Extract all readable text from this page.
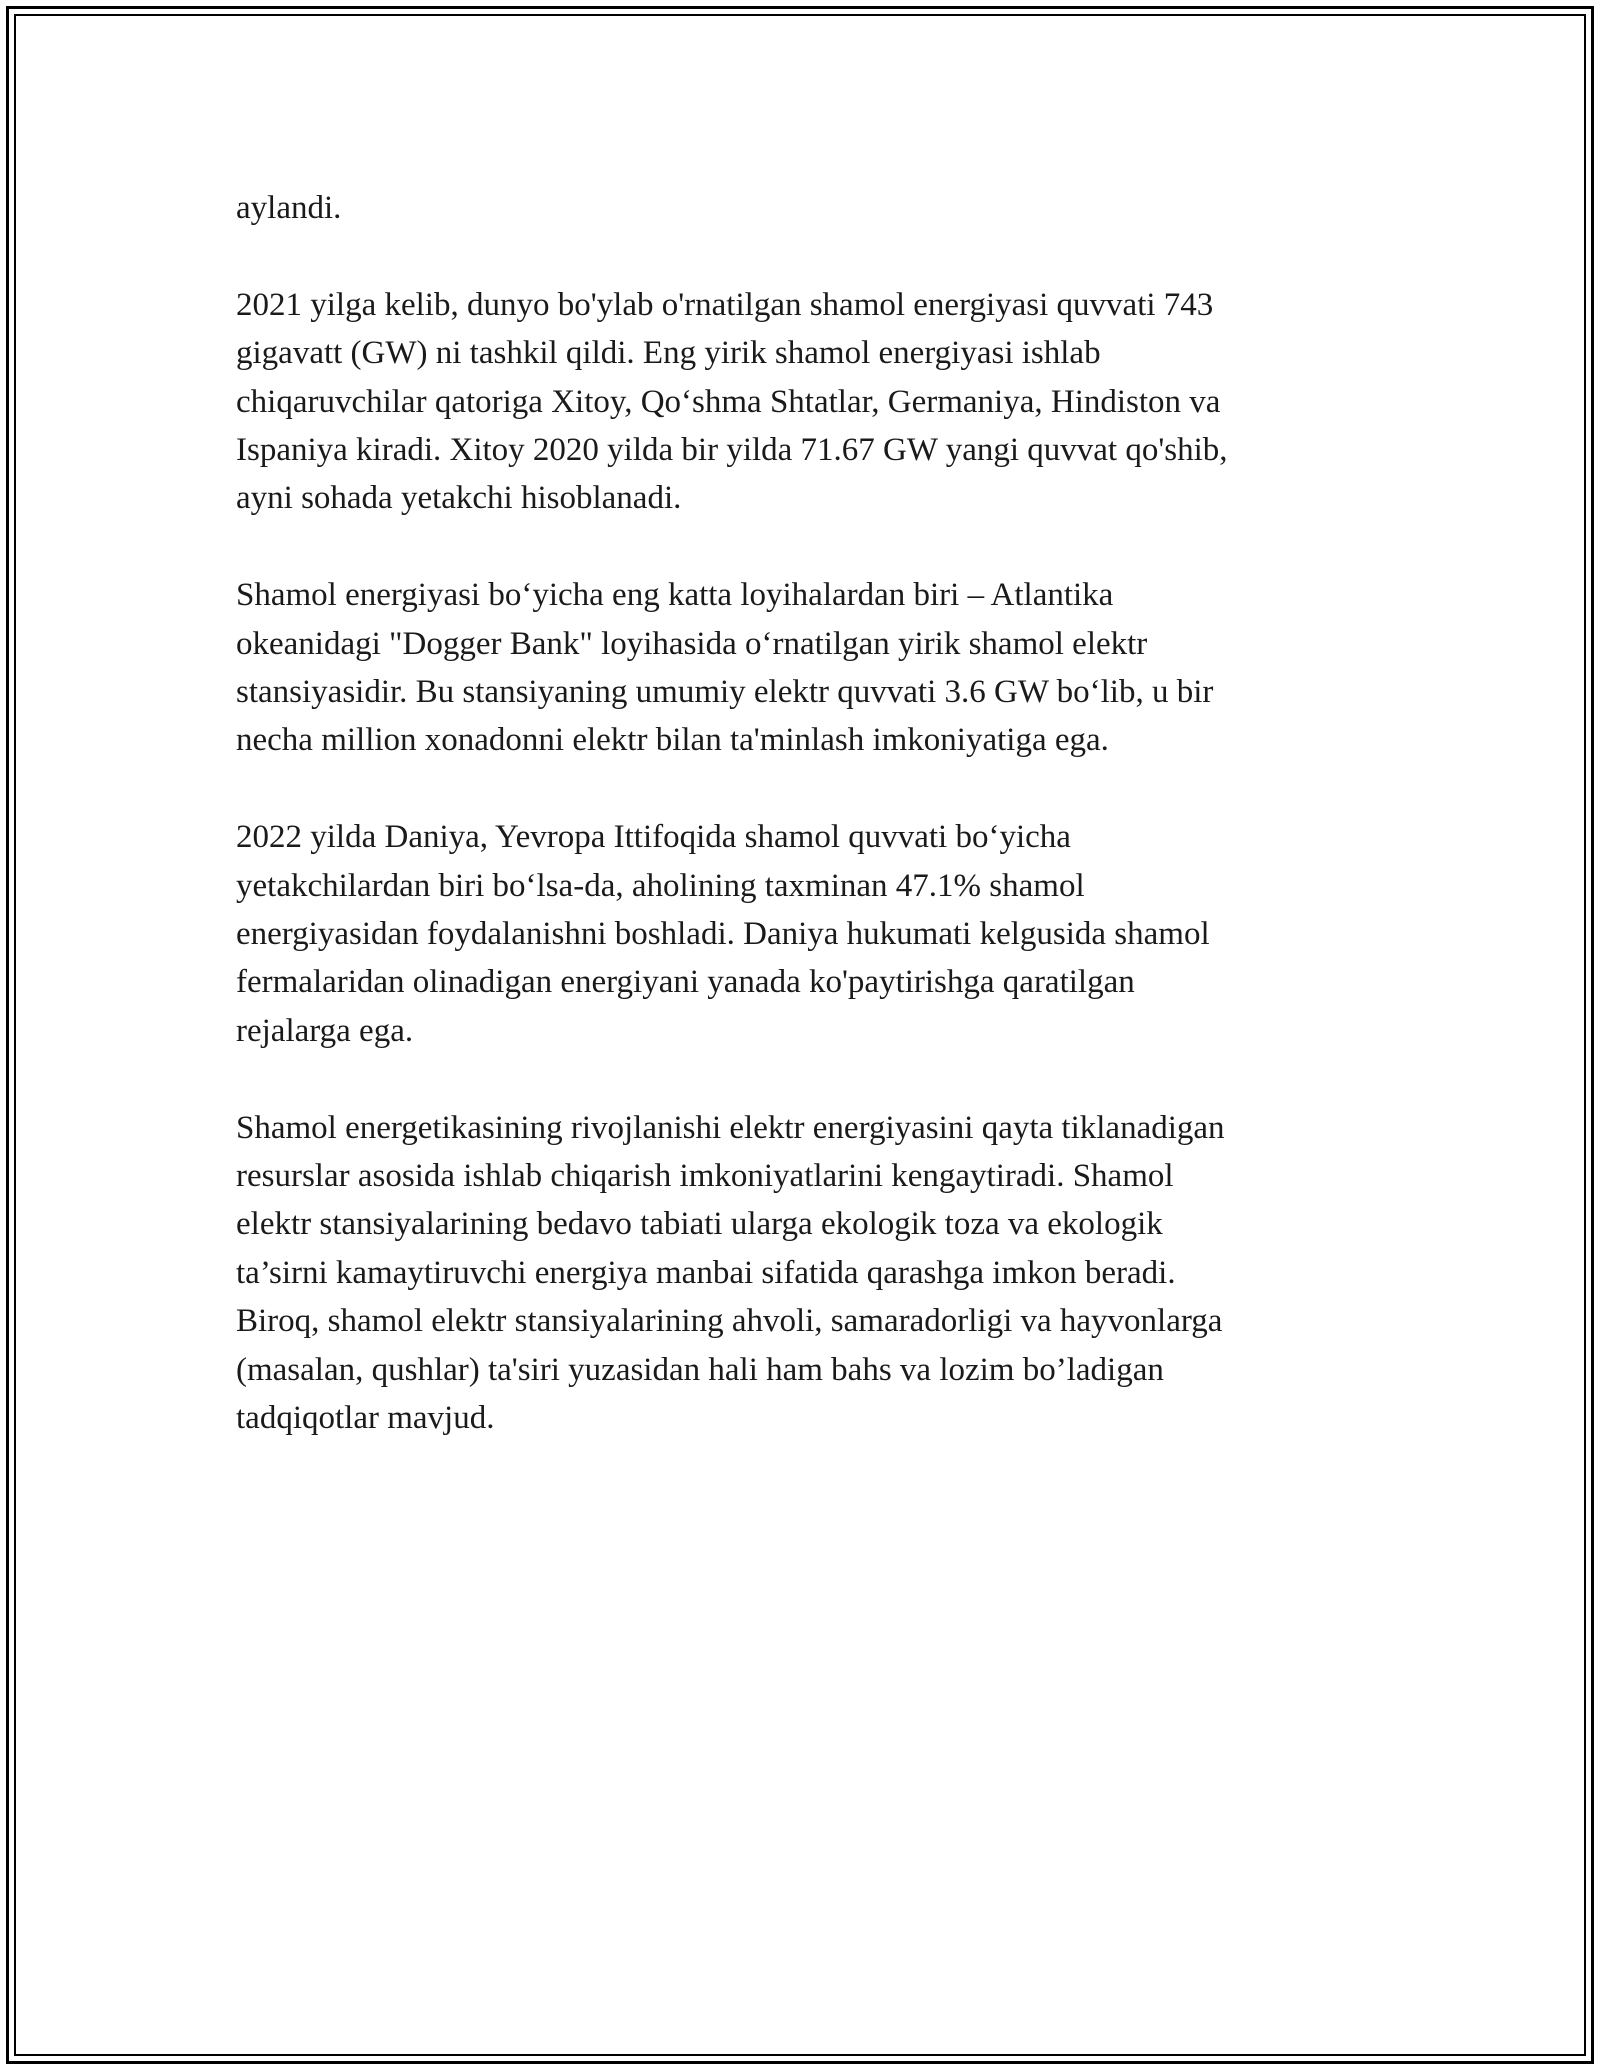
aylandi.

2021 yilga kelib, dunyo bo'ylab o'rnatilgan shamol energiyasi quvvati 743
gigavatt (GW) ni tashkil qildi. Eng yirik shamol energiyasi ishlab
chiqaruvchilar qatoriga Xitoy, Qoʻshma Shtatlar, Germaniya, Hindiston va
Ispaniya kiradi. Xitoy 2020 yilda bir yilda 71.67 GW yangi quvvat qo'shib,
ayni sohada yetakchi hisoblanadi.

Shamol energiyasi boʻyicha eng katta loyihalardan biri – Atlantika
okeanidagi "Dogger Bank" loyihasida oʻrnatilgan yirik shamol elektr
stansiyasidir. Bu stansiyaning umumiy elektr quvvati 3.6 GW boʻlib, u bir
necha million xonadonni elektr bilan ta'minlash imkoniyatiga ega.

2022 yilda Daniya, Yevropa Ittifoqida shamol quvvati boʻyicha
yetakchilardan biri boʻlsa-da, aholining taxminan 47.1% shamol
energiyasidan foydalanishni boshladi. Daniya hukumati kelgusida shamol
fermalaridan olinadigan energiyani yanada ko'paytirishga qaratilgan
rejalarga ega.

Shamol energetikasining rivojlanishi elektr energiyasini qayta tiklanadigan
resurslar asosida ishlab chiqarish imkoniyatlarini kengaytiradi. Shamol
elektr stansiyalarining bedavo tabiati ularga ekologik toza va ekologik
ta’sirni kamaytiruvchi energiya manbai sifatida qarashga imkon beradi.
Biroq, shamol elektr stansiyalarining ahvoli, samaradorligi va hayvonlarga
(masalan, qushlar) ta'siri yuzasidan hali ham bahs va lozim bo’ladigan
tadqiqotlar mavjud.
